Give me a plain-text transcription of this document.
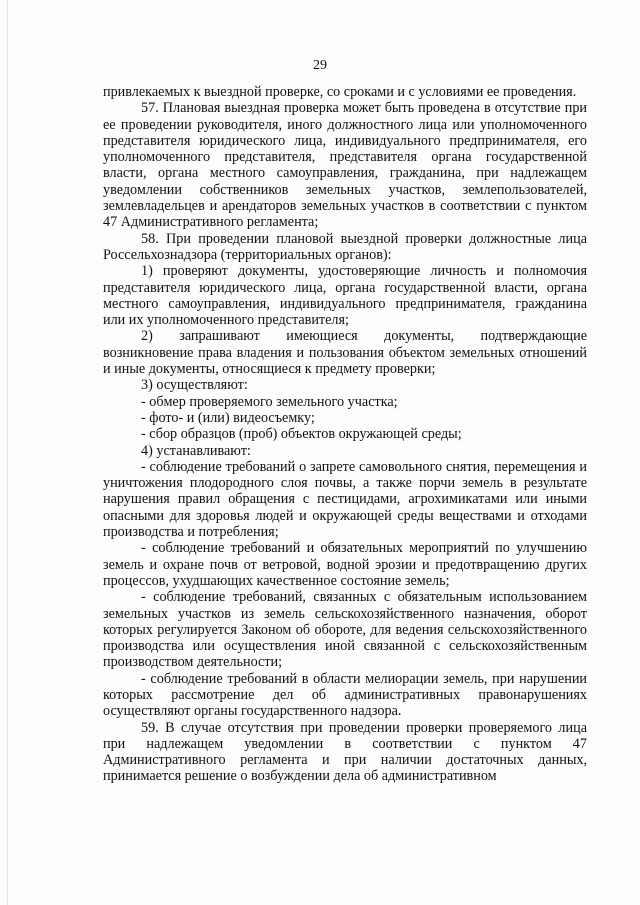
29

привлекаемых к выездной проверке, со сроками и с условиями ее проведения.

57. Плановая выездная проверка может быть проведена в отсутствие при ее проведении руководителя, иного должностного лица или уполномоченного представителя юридического лица, индивидуального предпринимателя, его уполномоченного представителя, представителя органа государственной власти, органа местного самоуправления, гражданина, при надлежащем уведомлении собственников земельных участков, землепользователей, землевладельцев и арендаторов земельных участков в соответствии с пунктом 47 Административного регламента;

58. При проведении плановой выездной проверки должностные лица Россельхознадзора (территориальных органов):

1) проверяют документы, удостоверяющие личность и полномочия представителя юридического лица, органа государственной власти, органа местного самоуправления, индивидуального предпринимателя, гражданина или их уполномоченного представителя;

2) запрашивают имеющиеся документы, подтверждающие возникновение права владения и пользования объектом земельных отношений и иные документы, относящиеся к предмету проверки;

3) осуществляют:

- обмер проверяемого земельного участка;

- фото- и (или) видеосъемку;

- сбор образцов (проб) объектов окружающей среды;

4) устанавливают:

- соблюдение требований о запрете самовольного снятия, перемещения и уничтожения плодородного слоя почвы, а также порчи земель в результате нарушения правил обращения с пестицидами, агрохимикатами или иными опасными для здоровья людей и окружающей среды веществами и отходами производства и потребления;

- соблюдение требований и обязательных мероприятий по улучшению земель и охране почв от ветровой, водной эрозии и предотвращению других процессов, ухудшающих качественное состояние земель;

- соблюдение требований, связанных с обязательным использованием земельных участков из земель сельскохозяйственного назначения, оборот которых регулируется Законом об обороте, для ведения сельскохозяйственного производства или осуществления иной связанной с сельскохозяйственным производством деятельности;

- соблюдение требований в области мелиорации земель, при нарушении которых рассмотрение дел об административных правонарушениях осуществляют органы государственного надзора.

59. В случае отсутствия при проведении проверки проверяемого лица при надлежащем уведомлении в соответствии с пунктом 47 Административного регламента и при наличии достаточных данных, принимается решение о возбуждении дела об административном
